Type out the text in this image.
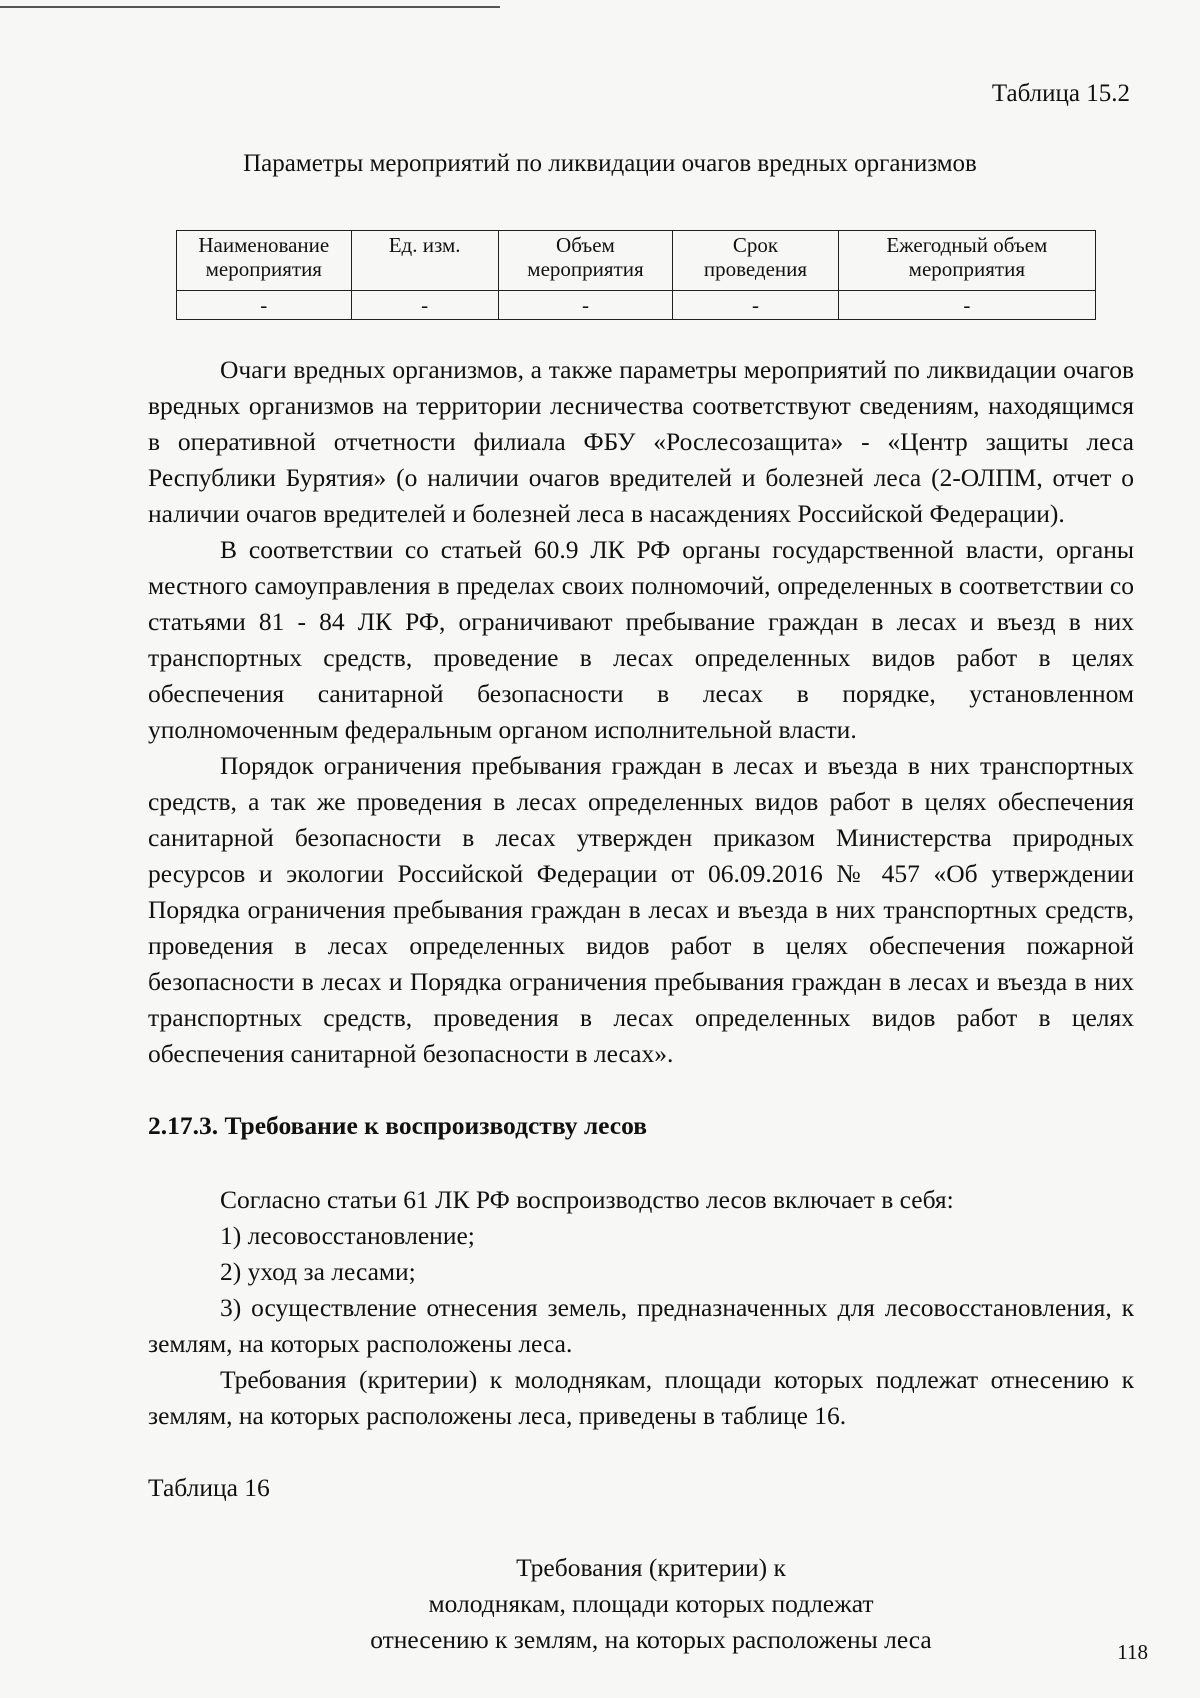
Таблица 15.2
Параметры мероприятий по ликвидации очагов вредных организмов
Наименование мероприятия	Ед. изм.	Объем мероприятия	Срок проведения	Ежегодный объем мероприятия
-	-	-	-	-

Очаги вредных организмов, а также параметры мероприятий по ликвидации очагов вредных организмов на территории лесничества соответствуют сведениям, находящимся в оперативной отчетности филиала ФБУ «Рослесозащита» - «Центр защиты леса Республики Бурятия» (о наличии очагов вредителей и болезней леса (2-ОЛПМ, отчет о наличии очагов вредителей и болезней леса в насаждениях Российской Федерации).

В соответствии со статьей 60.9 ЛК РФ органы государственной власти, органы местного самоуправления в пределах своих полномочий, определенных в соответствии со статьями 81 - 84 ЛК РФ, ограничивают пребывание граждан в лесах и въезд в них транспортных средств, проведение в лесах определенных видов работ в целях обеспечения санитарной безопасности в лесах в порядке, установленном уполномоченным федеральным органом исполнительной власти.

Порядок ограничения пребывания граждан в лесах и въезда в них транспортных средств, а так же проведения в лесах определенных видов работ в целях обеспечения санитарной безопасности в лесах утвержден приказом Министерства природных ресурсов и экологии Российской Федерации от 06.09.2016 № 457 «Об утверждении Порядка ограничения пребывания граждан в лесах и въезда в них транспортных средств, проведения в лесах определенных видов работ в целях обеспечения пожарной безопасности в лесах и Порядка ограничения пребывания граждан в лесах и въезда в них транспортных средств, проведения в лесах определенных видов работ в целях обеспечения санитарной безопасности в лесах».

2.17.3. Требование к воспроизводству лесов

Согласно статьи 61 ЛК РФ воспроизводство лесов включает в себя:

1) лесовосстановление;

2) уход за лесами;

3) осуществление отнесения земель, предназначенных для лесовосстановления, к землям, на которых расположены леса.

Требования (критерии) к молоднякам, площади которых подлежат отнесению к землям, на которых расположены леса, приведены в таблице 16.

Таблица 16

Требования (критерии) к
молоднякам, площади которых подлежат
отнесению к землям, на которых расположены леса	118
